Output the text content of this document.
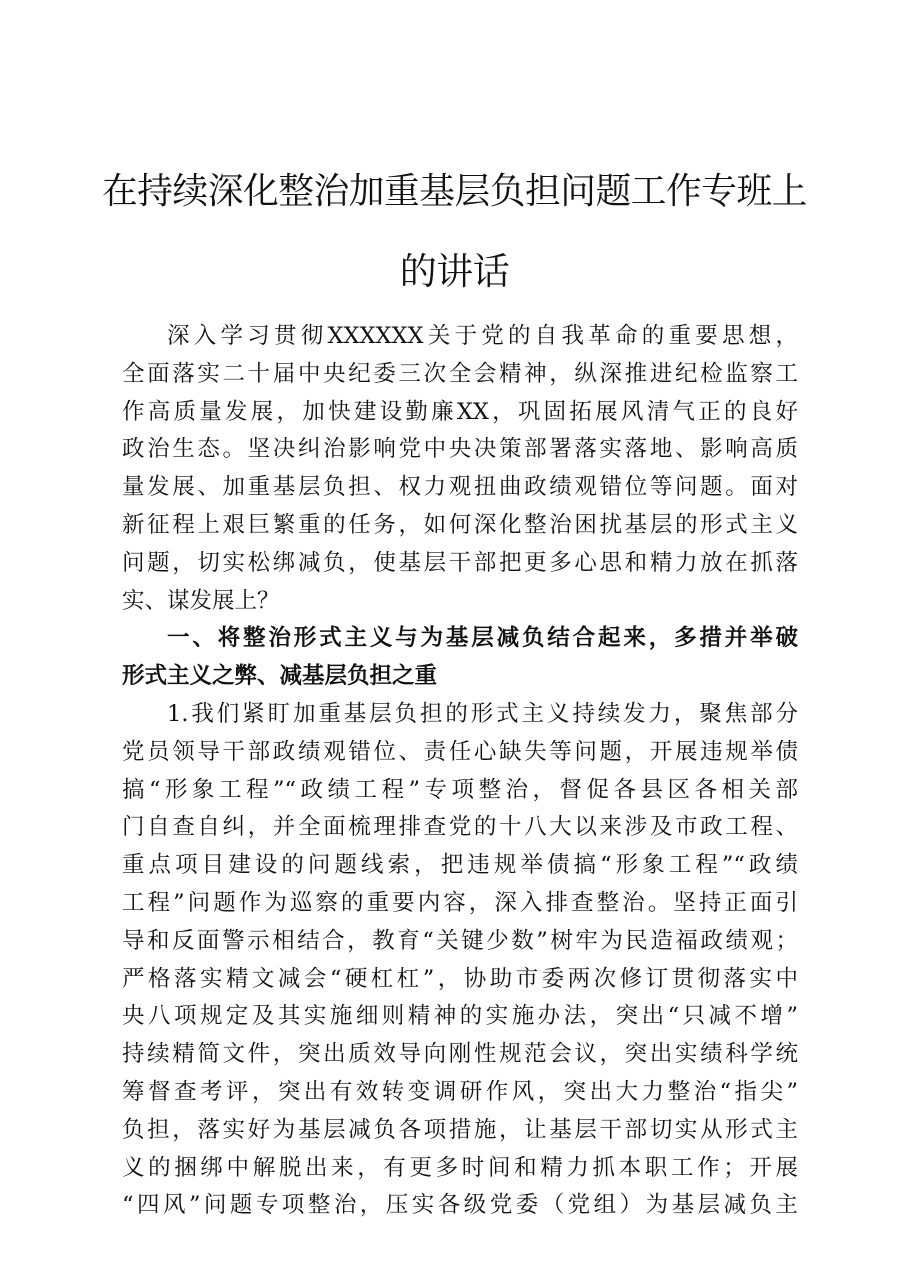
在持续深化整治加重基层负担问题工作专班上
的讲话
深入学习贯彻XXXXXX关于党的自我革命的重要思想，
全面落实二十届中央纪委三次全会精神，纵深推进纪检监察工
作高质量发展，加快建设勤廉XX，巩固拓展风清气正的良好
政治生态。坚决纠治影响党中央决策部署落实落地、影响高质
量发展、加重基层负担、权力观扭曲政绩观错位等问题。面对
新征程上艰巨繁重的任务，如何深化整治困扰基层的形式主义
问题，切实松绑减负，使基层干部把更多心思和精力放在抓落
实、谋发展上？
一、将整治形式主义与为基层减负结合起来，多措并举破
形式主义之弊、减基层负担之重
1.我们紧盯加重基层负担的形式主义持续发力，聚焦部分
党员领导干部政绩观错位、责任心缺失等问题，开展违规举债
搞“形象工程”“政绩工程”专项整治，督促各县区各相关部
门自查自纠，并全面梳理排查党的十八大以来涉及市政工程、
重点项目建设的问题线索，把违规举债搞“形象工程”“政绩
工程”问题作为巡察的重要内容，深入排查整治。坚持正面引
导和反面警示相结合，教育“关键少数”树牢为民造福政绩观；
严格落实精文减会“硬杠杠”，协助市委两次修订贯彻落实中
央八项规定及其实施细则精神的实施办法，突出“只减不增”
持续精简文件，突出质效导向刚性规范会议，突出实绩科学统
筹督查考评，突出有效转变调研作风，突出大力整治“指尖”
负担，落实好为基层减负各项措施，让基层干部切实从形式主
义的捆绑中解脱出来，有更多时间和精力抓本职工作；开展
“四风”问题专项整治，压实各级党委（党组）为基层减负主
